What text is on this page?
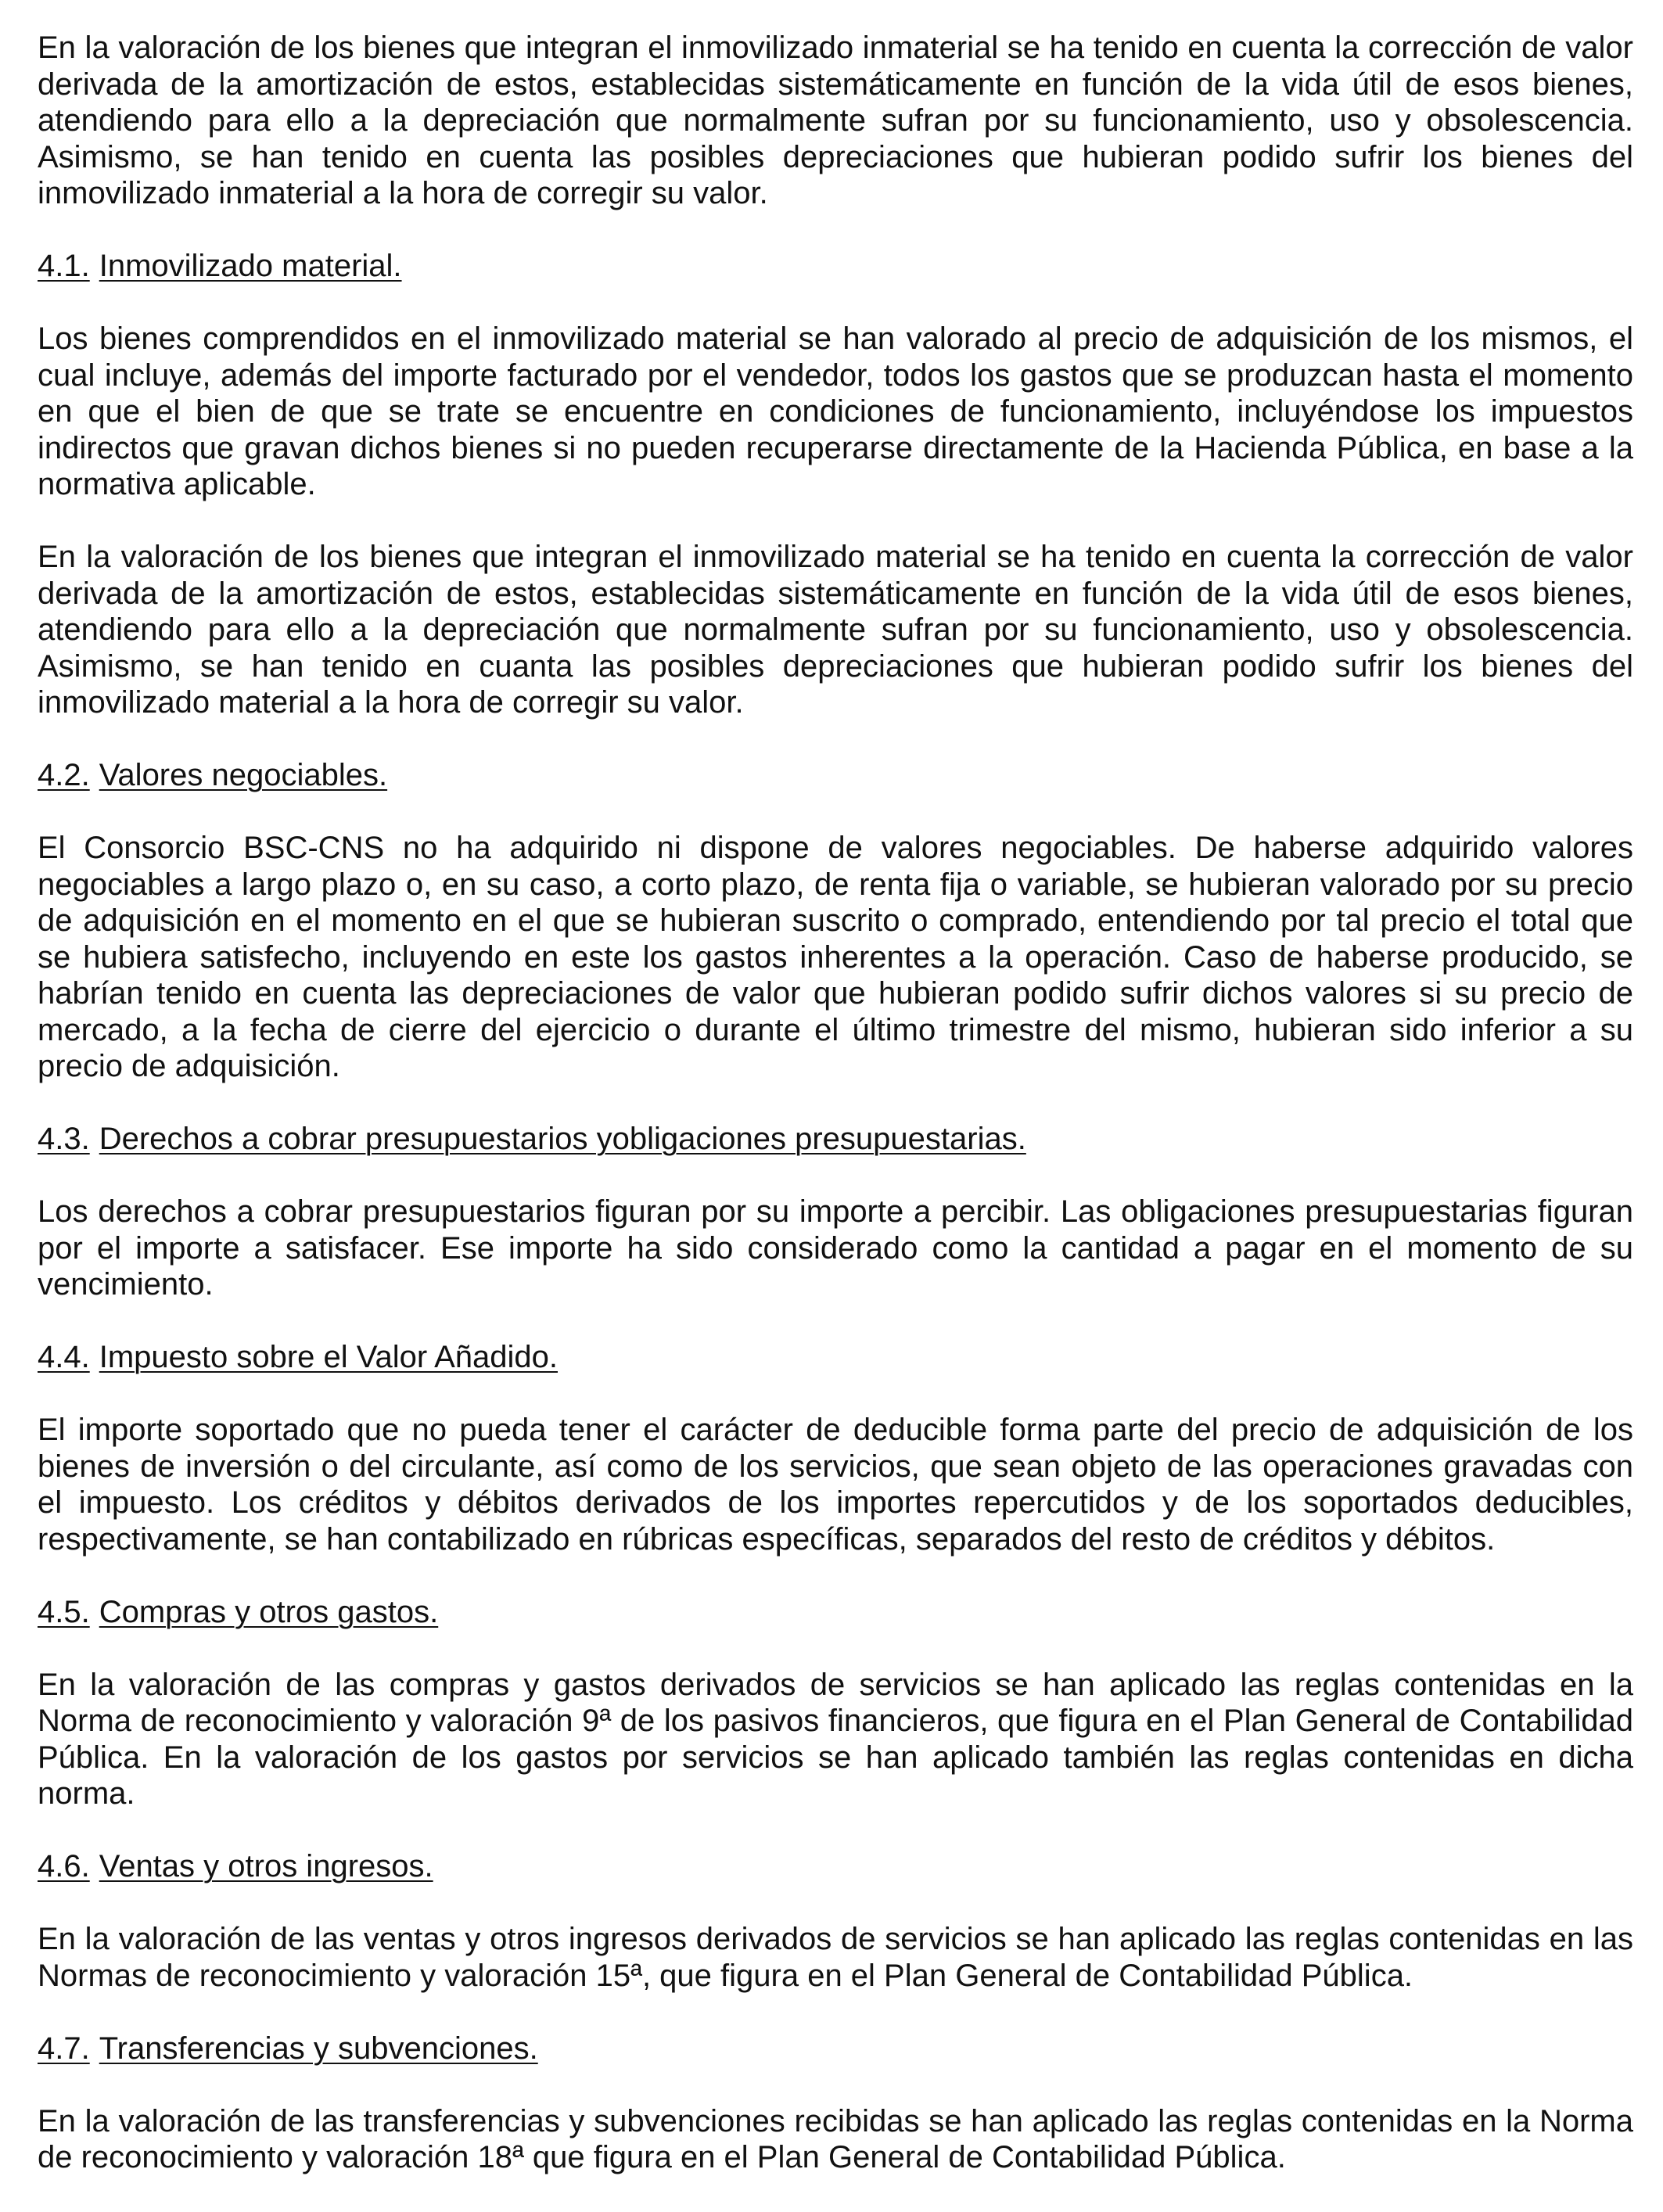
En la valoración de los bienes que integran el inmovilizado inmaterial se ha tenido en cuenta la corrección de valor derivada de la amortización de estos, establecidas sistemáticamente en función de la vida útil de esos bienes, atendiendo para ello a la depreciación que normalmente sufran por su funcionamiento, uso y obsolescencia. Asimismo, se han tenido en cuenta las posibles depreciaciones que hubieran podido sufrir los bienes del inmovilizado inmaterial a la hora de corregir su valor.

4.1. Inmovilizado material.

Los bienes comprendidos en el inmovilizado material se han valorado al precio de adquisición de los mismos, el cual incluye, además del importe facturado por el vendedor, todos los gastos que se produzcan hasta el momento en que el bien de que se trate se encuentre en condiciones de funcionamiento, incluyéndose los impuestos indirectos que gravan dichos bienes si no pueden recuperarse directamente de la Hacienda Pública, en base a la normativa aplicable.

En la valoración de los bienes que integran el inmovilizado material se ha tenido en cuenta la corrección de valor derivada de la amortización de estos, establecidas sistemáticamente en función de la vida útil de esos bienes, atendiendo para ello a la depreciación que normalmente sufran por su funcionamiento, uso y obsolescencia. Asimismo, se han tenido en cuanta las posibles depreciaciones que hubieran podido sufrir los bienes del inmovilizado material a la hora de corregir su valor.

4.2. Valores negociables.

El Consorcio BSC-CNS no ha adquirido ni dispone de valores negociables. De haberse adquirido valores negociables a largo plazo o, en su caso, a corto plazo, de renta fija o variable, se hubieran valorado por su precio de adquisición en el momento en el que se hubieran suscrito o comprado, entendiendo por tal precio el total que se hubiera satisfecho, incluyendo en este los gastos inherentes a la operación. Caso de haberse producido, se habrían tenido en cuenta las depreciaciones de valor que hubieran podido sufrir dichos valores si su precio de mercado, a la fecha de cierre del ejercicio o durante el último trimestre del mismo, hubieran sido inferior a su precio de adquisición.

4.3. Derechos a cobrar presupuestarios yobligaciones presupuestarias.

Los derechos a cobrar presupuestarios figuran por su importe a percibir. Las obligaciones presupuestarias figuran por el importe a satisfacer. Ese importe ha sido considerado como la cantidad a pagar en el momento de su vencimiento.

4.4. Impuesto sobre el Valor Añadido.

El importe soportado que no pueda tener el carácter de deducible forma parte del precio de adquisición de los bienes de inversión o del circulante, así como de los servicios, que sean objeto de las operaciones gravadas con el impuesto. Los créditos y débitos derivados de los importes repercutidos y de los soportados deducibles, respectivamente, se han contabilizado en rúbricas específicas, separados del resto de créditos y débitos.

4.5. Compras y otros gastos.

En la valoración de las compras y gastos derivados de servicios se han aplicado las reglas contenidas en la Norma de reconocimiento y valoración 9ª de los pasivos financieros, que figura en el Plan General de Contabilidad Pública. En la valoración de los gastos por servicios se han aplicado también las reglas contenidas en dicha norma.

4.6. Ventas y otros ingresos.

En la valoración de las ventas y otros ingresos derivados de servicios se han aplicado las reglas contenidas en las Normas de reconocimiento y valoración 15ª, que figura en el Plan General de Contabilidad Pública.

4.7. Transferencias y subvenciones.

En la valoración de las transferencias y subvenciones recibidas se han aplicado las reglas contenidas en la Norma de reconocimiento y valoración 18ª que figura en el Plan General de Contabilidad Pública.
